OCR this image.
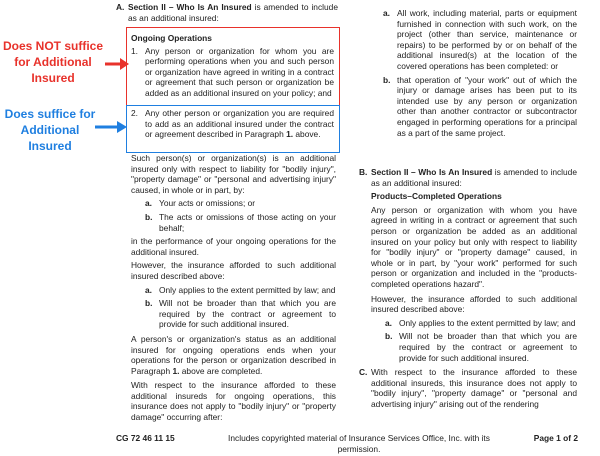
Does NOT suffice for Additional Insured
Does suffice for Additional Insured
A. Section II – Who Is An Insured is amended to include as an additional insured:
Ongoing Operations
1. Any person or organization for whom you are performing operations when you and such person or organization have agreed in writing in a contract or agreement that such person or organization be added as an additional insured on your policy; and
2. Any other person or organization you are required to add as an additional insured under the contract or agreement described in Paragraph 1. above.
Such person(s) or organization(s) is an additional insured only with respect to liability for "bodily injury", "property damage" or "personal and advertising injury" caused, in whole or in part, by:
a. Your acts or omissions; or
b. The acts or omissions of those acting on your behalf;
in the performance of your ongoing operations for the additional insured.
However, the insurance afforded to such additional insured described above:
a. Only applies to the extent permitted by law; and
b. Will not be broader than that which you are required by the contract or agreement to provide for such additional insured.
A person's or organization's status as an additional insured for ongoing operations ends when your operations for the person or organization described in Paragraph 1. above are completed.
With respect to the insurance afforded to these additional insureds for ongoing operations, this insurance does not apply to "bodily injury" or "property damage" occurring after:
a. All work, including material, parts or equipment furnished in connection with such work, on the project (other than service, maintenance or repairs) to be performed by or on behalf of the additional insured(s) at the location of the covered operations has been completed: or
b. that operation of "your work" out of which the injury or damage arises has been put to its intended use by any person or organization other than another contractor or subcontractor engaged in performing operations for a principal as a part of the same project.
B. Section II – Who Is An Insured is amended to include as an additional insured:
Products–Completed Operations
Any person or organization with whom you have agreed in writing in a contract or agreement that such person or organization be added as an additional insured on your policy but only with respect to liability for "bodily injury" or "property damage" caused, in whole or in part, by "your work" performed for such person or organization and included in the "products-completed operations hazard".
However, the insurance afforded to such additional insured described above:
a. Only applies to the extent permitted by law; and
b. Will not be broader than that which you are required by the contract or agreement to provide for such additional insured.
C. With respect to the insurance afforded to these additional insureds, this insurance does not apply to "bodily injury", "property damage" or "personal and advertising injury" arising out of the rendering
CG 72 46 11 15	Includes copyrighted material of Insurance Services Office, Inc. with its permission.
Page 1 of 2
